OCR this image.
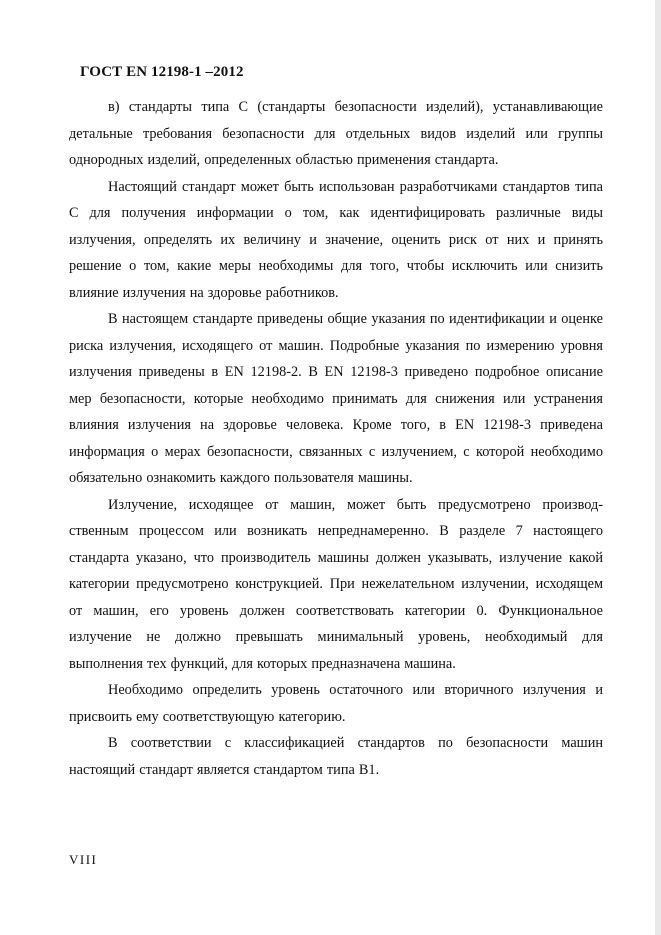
ГОСТ EN 12198-1 –2012

в) стандарты типа C (стандарты безопасности изделий), устанавливающие детальные требования безопасности для отдельных видов изделий или группы однородных изделий, определенных областью применения стандарта.

Настоящий стандарт может быть использован разработчиками стандартов типа C для получения информации о том, как идентифицировать различные виды излучения, определять их величину и значение, оценить риск от них и принять решение о том, какие меры необходимы для того, чтобы исключить или снизить влияние излучения на здоровье работников.

В настоящем стандарте приведены общие указания по идентификации и оценке риска излучения, исходящего от машин. Подробные указания по измерению уровня излучения приведены в EN 12198-2. В EN 12198-3 приведено подробное описание мер безопасности, которые необходимо принимать для снижения или устранения влияния излучения на здоровье человека. Кроме того, в EN 12198-3 приведена информация о мерах безопасности, связанных с излучением, с которой необходимо обязательно ознакомить каждого пользователя машины.

Излучение, исходящее от машин, может быть предусмотрено производственным процессом или возникать непреднамеренно. В разделе 7 настоящего стандарта указано, что производитель машины должен указывать, излучение какой категории предусмотрено конструкцией. При нежелательном излучении, исходящем от машин, его уровень должен соответствовать категории 0. Функциональное излучение не должно превышать минимальный уровень, необходимый для выполнения тех функций, для которых предназначена машина.

Необходимо определить уровень остаточного или вторичного излучения и присвоить ему соответствующую категорию.

В соответствии с классификацией стандартов по безопасности машин настоящий стандарт является стандартом типа B1.

VIII
